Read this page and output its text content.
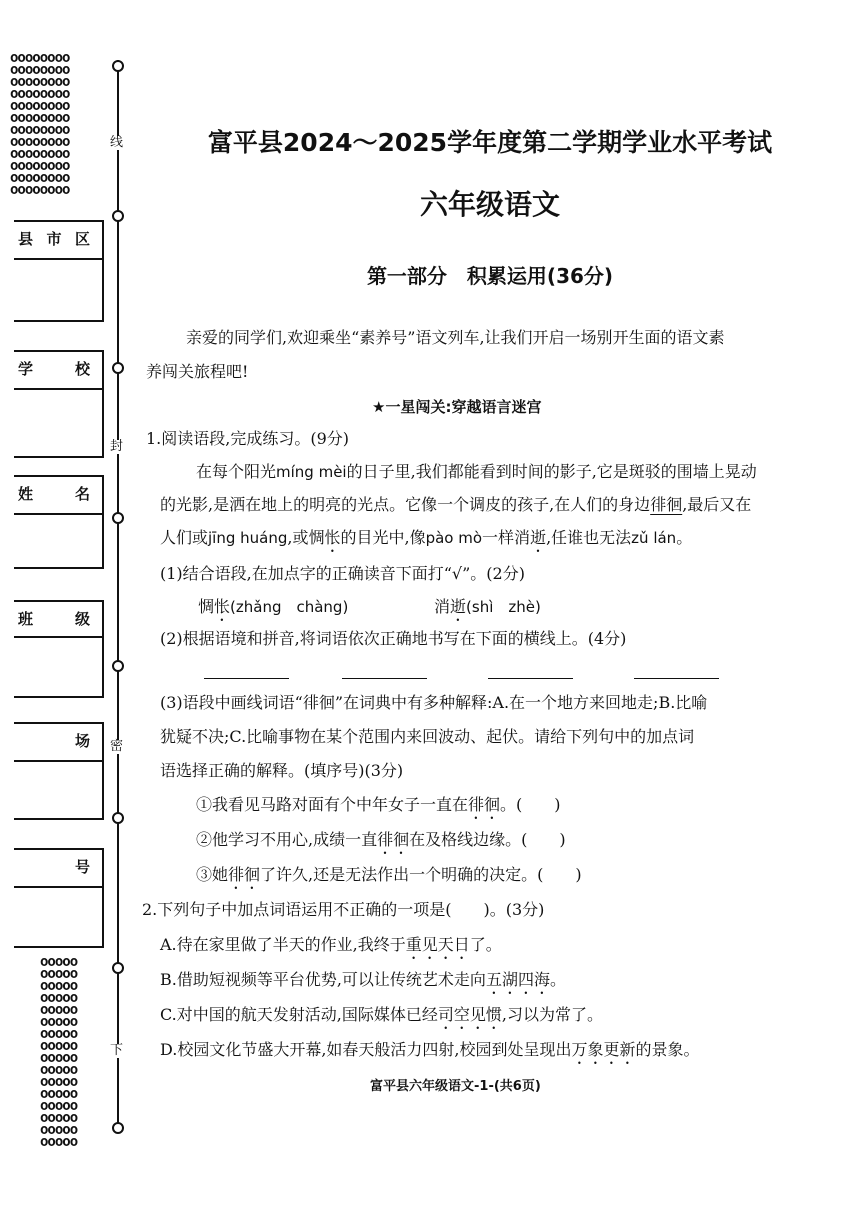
oooooooo
oooooooo
oooooooo
oooooooo
oooooooo
oooooooo
oooooooo
oooooooo
oooooooo
oooooooo
oooooooo
oooooooo
县 市 区
学	校
姓	名
班	级
场
号
ooooo
ooooo
ooooo
ooooo
ooooo
ooooo
ooooo
ooooo
ooooo
ooooo
ooooo
ooooo
ooooo
ooooo
ooooo
ooooo
线
封
密
下
富平县2024～2025学年度第二学期学业水平考试
六年级语文
第一部分　积累运用(36分)
亲爱的同学们,欢迎乘坐“素养号”语文列车,让我们开启一场别开生面的语文素
养闯关旅程吧!
★一星闯关:穿越语言迷宫
1.阅读语段,完成练习。(9分)
在每个阳光míng mèi的日子里,我们都能看到时间的影子,它是斑驳的围墙上晃动
的光影,是洒在地上的明亮的光点。它像一个调皮的孩子,在人们的身边徘徊,最后又在
人们或jīng huáng,或惆怅的目光中,像pào mò一样消逝,任谁也无法zǔ lán。
(1)结合语段,在加点字的正确读音下面打“√”。(2分)
惆怅(zhǎng　chàng)	消逝(shì　zhè)
(2)根据语境和拼音,将词语依次正确地书写在下面的横线上。(4分)
(3)语段中画线词语“徘徊”在词典中有多种解释:A.在一个地方来回地走;B.比喻
犹疑不决;C.比喻事物在某个范围内来回波动、起伏。请给下列句中的加点词
语选择正确的解释。(填序号)(3分)
①我看见马路对面有个中年女子一直在徘徊。(　　)
②他学习不用心,成绩一直徘徊在及格线边缘。(　　)
③她徘徊了许久,还是无法作出一个明确的决定。(　　)
2.下列句子中加点词语运用不正确的一项是(　　)。(3分)
A.待在家里做了半天的作业,我终于重见天日了。
B.借助短视频等平台优势,可以让传统艺术走向五湖四海。
C.对中国的航天发射活动,国际媒体已经司空见惯,习以为常了。
D.校园文化节盛大开幕,如春天般活力四射,校园到处呈现出万象更新的景象。
富平县六年级语文-1-(共6页)
